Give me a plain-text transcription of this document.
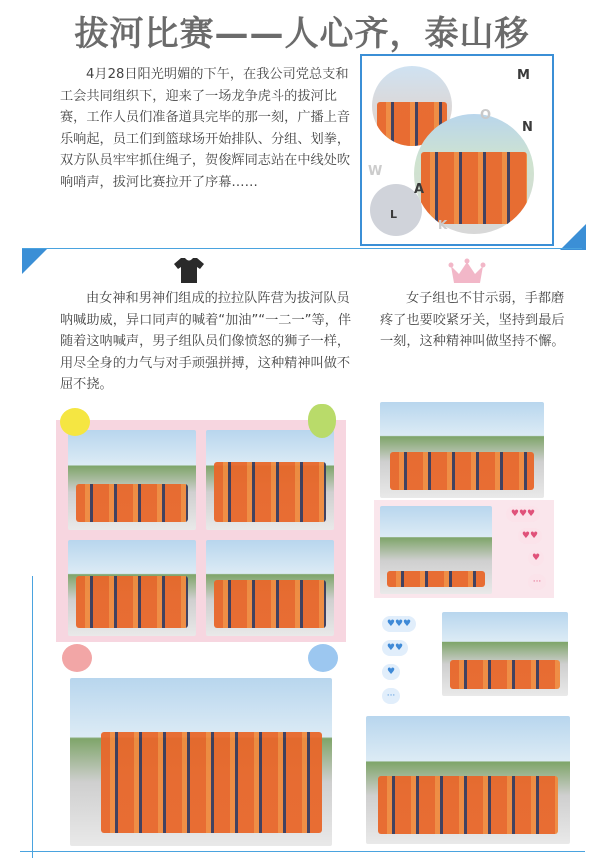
拔河比赛——人心齐，泰山移
4月28日阳光明媚的下午，在我公司党总支和工会共同组织下，迎来了一场龙争虎斗的拔河比赛，工作人员们准备道具完毕的那一刻，广播上音乐响起，员工们到篮球场开始排队、分组、划拳，双方队员牢牢抓住绳子，贺俊辉同志站在中线处吹响哨声，拔河比赛拉开了序幕……
M
O
N
W
A
L
K
由女神和男神们组成的拉拉队阵营为拔河队员呐喊助威，异口同声的喊着“加油”“一二一”等，伴随着这呐喊声，男子组队员们像愤怒的狮子一样，用尽全身的力气与对手顽强拼搏，这种精神叫做不屈不挠。
女子组也不甘示弱，手都磨疼了也要咬紧牙关，坚持到最后一刻，这种精神叫做坚持不懈。
♥♥♥
♥♥
♥
···
♥♥♥
♥♥
♥
···
